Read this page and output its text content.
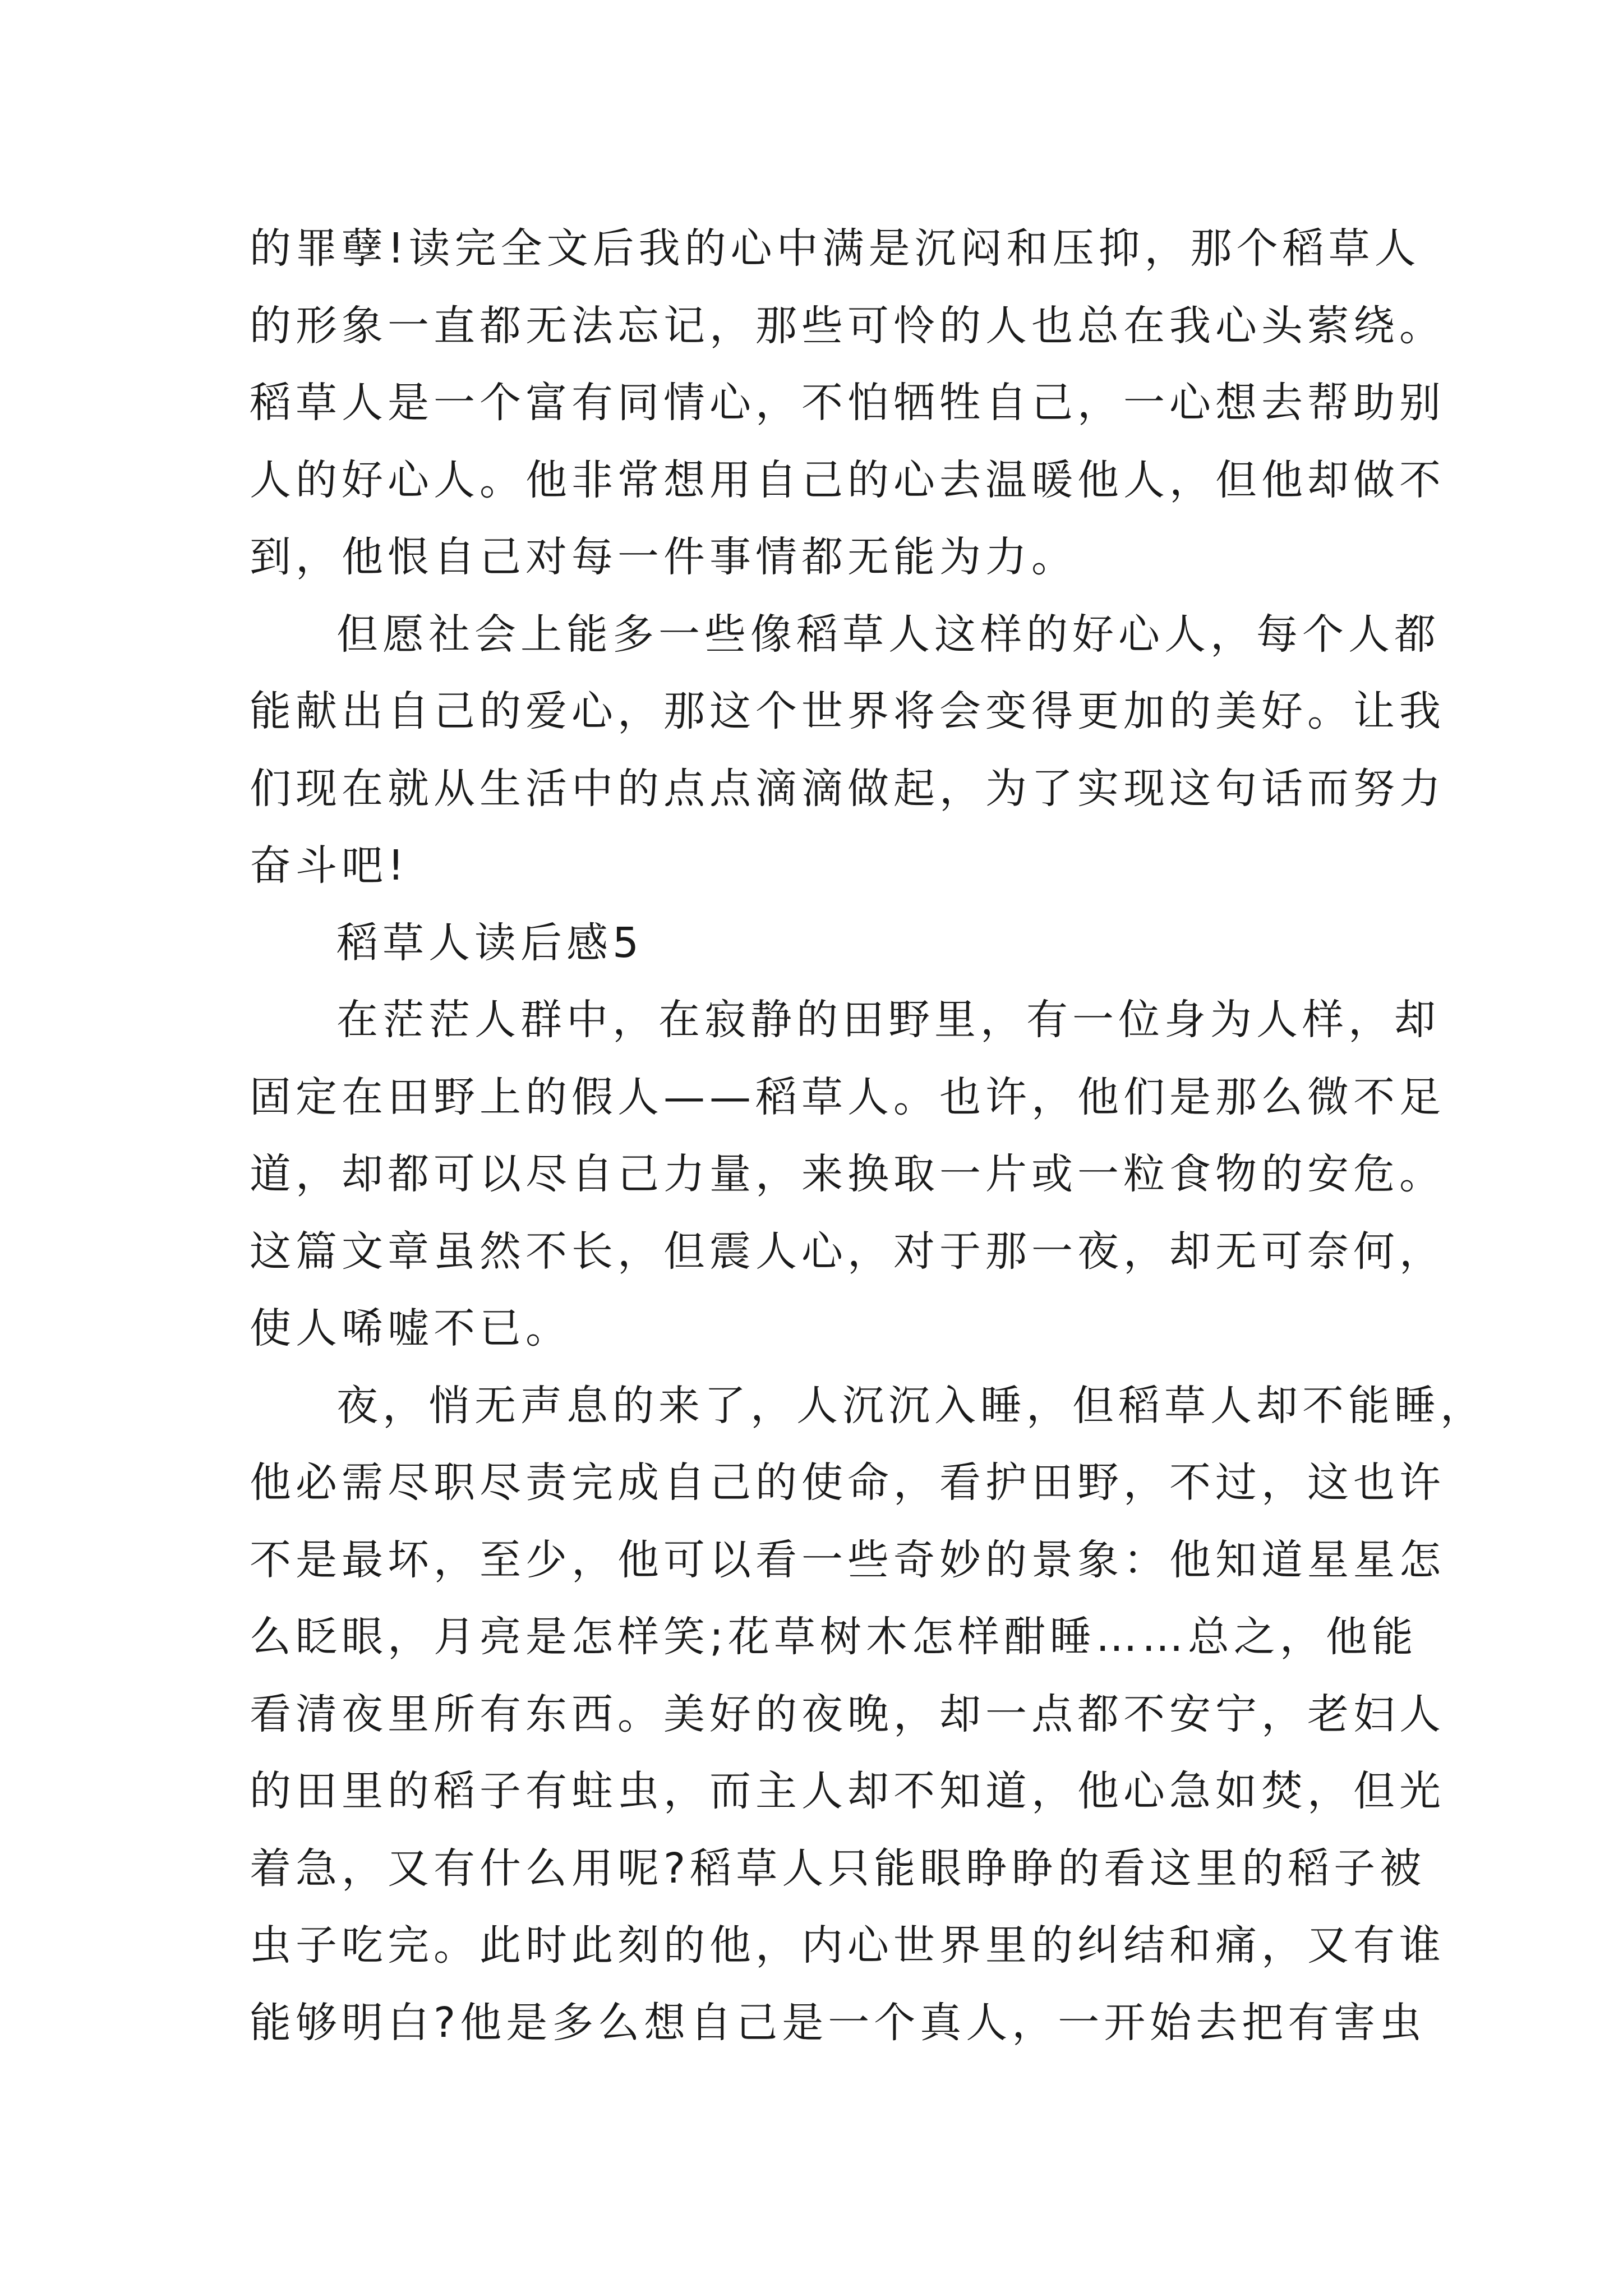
的罪孽!读完全文后我的心中满是沉闷和压抑，那个稻草人
的形象一直都无法忘记，那些可怜的人也总在我心头萦绕。
稻草人是一个富有同情心，不怕牺牲自己，一心想去帮助别
人的好心人。他非常想用自己的心去温暖他人，但他却做不
到，他恨自己对每一件事情都无能为力。
但愿社会上能多一些像稻草人这样的好心人，每个人都
能献出自己的爱心，那这个世界将会变得更加的美好。让我
们现在就从生活中的点点滴滴做起，为了实现这句话而努力
奋斗吧!
稻草人读后感5
在茫茫人群中，在寂静的田野里，有一位身为人样，却
固定在田野上的假人——稻草人。也许，他们是那么微不足
道，却都可以尽自己力量，来换取一片或一粒食物的安危。
这篇文章虽然不长，但震人心，对于那一夜，却无可奈何，
使人唏嘘不已。
夜，悄无声息的来了，人沉沉入睡，但稻草人却不能睡，
他必需尽职尽责完成自己的使命，看护田野，不过，这也许
不是最坏，至少，他可以看一些奇妙的景象：他知道星星怎
么眨眼，月亮是怎样笑;花草树木怎样酣睡……总之，他能
看清夜里所有东西。美好的夜晚，却一点都不安宁，老妇人
的田里的稻子有蛀虫，而主人却不知道，他心急如焚，但光
着急，又有什么用呢?稻草人只能眼睁睁的看这里的稻子被
虫子吃完。此时此刻的他，内心世界里的纠结和痛，又有谁
能够明白?他是多么想自己是一个真人，一开始去把有害虫
